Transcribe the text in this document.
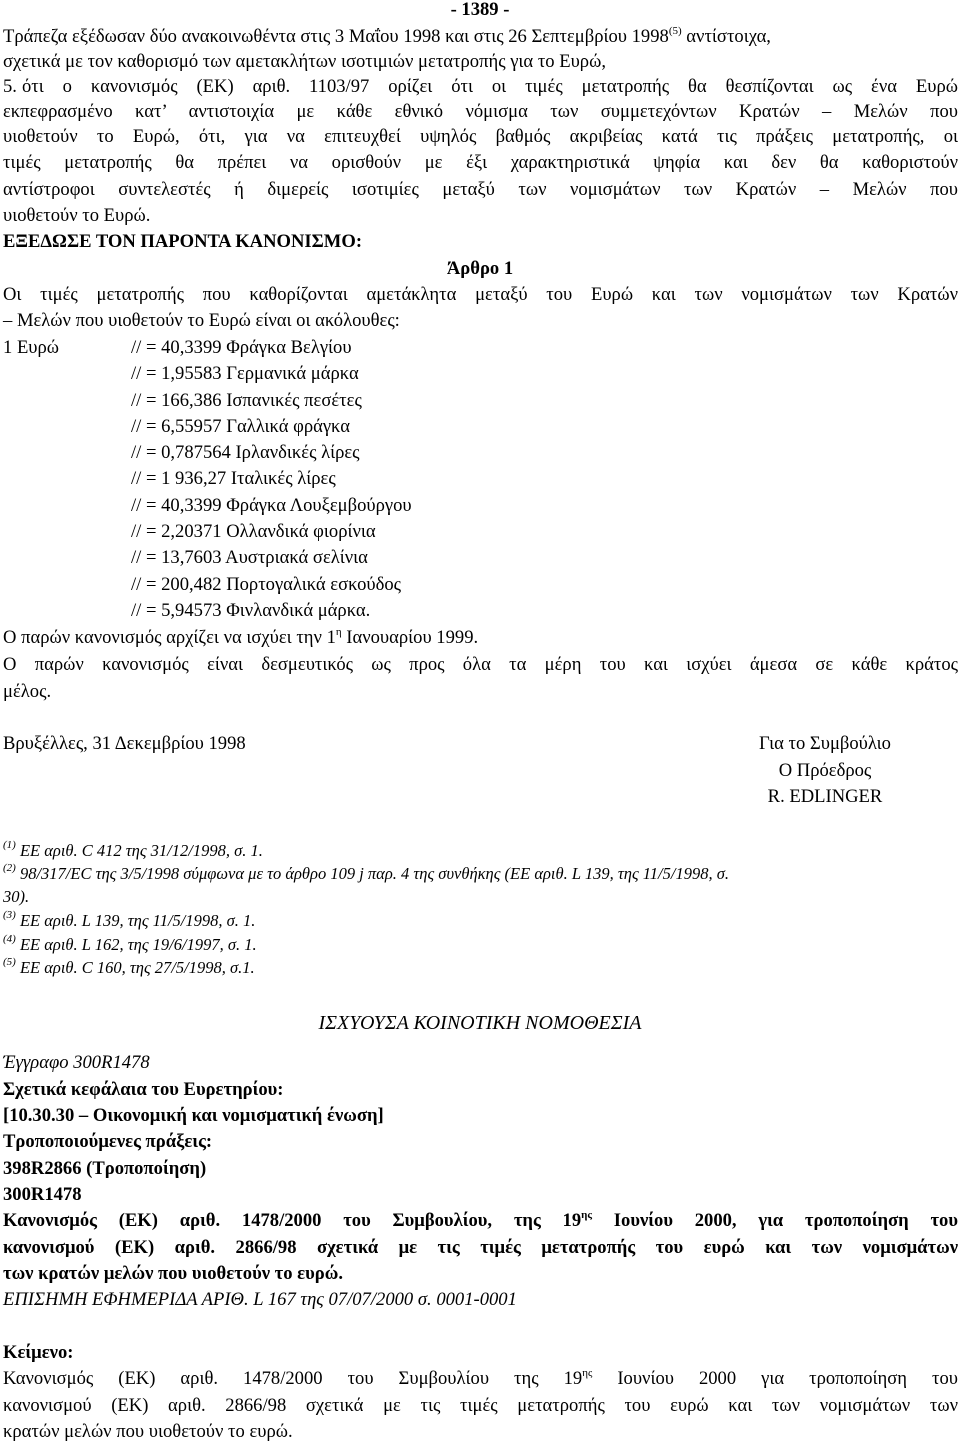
- 1389 -
Τράπεζα εξέδωσαν δύο ανακοινωθέντα στις 3 Μαΐου 1998 και στις 26 Σεπτεμβρίου 1998$^{(5)}$ αντίστοιχα,
σχετικά με τον καθορισμό των αμετακλήτων ισοτιμιών μετατροπής για το Ευρώ,
5. ότι ο κανονισμός (ΕΚ) αριθ. 1103/97 ορίζει ότι οι τιμές μετατροπής θα θεσπίζονται ως ένα Ευρώ
εκπεφρασμένο κατ’ αντιστοιχία με κάθε εθνικό νόμισμα των συμμετεχόντων Κρατών – Μελών που
υιοθετούν το Ευρώ, ότι, για να επιτευχθεί υψηλός βαθμός ακριβείας κατά τις πράξεις μετατροπής, οι
τιμές μετατροπής θα πρέπει να ορισθούν με έξι χαρακτηριστικά ψηφία και δεν θα καθοριστούν
αντίστροφοι συντελεστές ή διμερείς ισοτιμίες μεταξύ των νομισμάτων των Κρατών – Μελών που
υιοθετούν το Ευρώ.
ΕΞΕΔΩΣΕ ΤΟΝ ΠΑΡΟΝΤΑ ΚΑΝΟΝΙΣΜΟ:
Άρθρο 1
Οι τιμές μετατροπής που καθορίζονται αμετάκλητα μεταξύ του Ευρώ και των νομισμάτων των Κρατών
– Μελών που υιοθετούν το Ευρώ είναι οι ακόλουθες:
1 Ευρώ	// = 40,3399 Φράγκα Βελγίου
// = 1,95583 Γερμανικά μάρκα
// = 166,386 Ισπανικές πεσέτες
// = 6,55957 Γαλλικά φράγκα
// = 0,787564 Ιρλανδικές λίρες
// = 1 936,27 Ιταλικές λίρες
// = 40,3399 Φράγκα Λουξεμβούργου
// = 2,20371 Ολλανδικά φιορίνια
// = 13,7603 Αυστριακά σελίνια
// = 200,482 Πορτογαλικά εσκούδος
// = 5,94573 Φινλανδικά μάρκα.
Ο παρών κανονισμός αρχίζει να ισχύει την $1^\eta$ Ιανουαρίου 1999.
Ο παρών κανονισμός είναι δεσμευτικός ως προς όλα τα μέρη του και ισχύει άμεσα σε κάθε κράτος
μέλος.
Βρυξέλλες, 31 Δεκεμβρίου 1998	Για το Συμβούλιο
Ο Πρόεδρος
R. EDLINGER
$^{(1)}$ ΕΕ αριθ. C 412 της 31/12/1998, σ. 1.
$^{(2)}$ 98/317/ΕC της 3/5/1998 σύμφωνα με το άρθρο 109 j παρ. 4 της συνθήκης (ΕΕ αριθ. L 139, της 11/5/1998, σ.
30).
$^{(3)}$ ΕΕ αριθ. L 139, της 11/5/1998, σ. 1.
$^{(4)}$ ΕΕ αριθ. L 162, της 19/6/1997, σ. 1.
$^{(5)}$ ΕΕ αριθ. C 160, της 27/5/1998, σ.1.
ΙΣΧΥΟΥΣΑ ΚΟΙΝΟΤΙΚΗ ΝΟΜΟΘΕΣΙΑ
Έγγραφο 300R1478
Σχετικά κεφάλαια του Ευρετηρίου:
[10.30.30 – Οικονομική και νομισματική ένωση]
Τροποποιούμενες πράξεις:
398R2866 (Τροποποίηση)
300R1478
Κανονισμός (ΕΚ) αριθ. 1478/2000 του Συμβουλίου, της $19^{\eta\varsigma}$ Ιουνίου 2000, για τροποποίηση του
κανονισμού (ΕΚ) αριθ. 2866/98 σχετικά με τις τιμές μετατροπής του ευρώ και των νομισμάτων
των κρατών μελών που υιοθετούν το ευρώ.
ΕΠΙΣΗΜΗ ΕΦΗΜΕΡΙΔΑ ΑΡΙΘ. L 167 της 07/07/2000 σ. 0001-0001
Κείμενο:
Κανονισμός (ΕΚ) αριθ. 1478/2000 του Συμβουλίου της $19^{\eta\varsigma}$ Ιουνίου 2000 για τροποποίηση του
κανονισμού (ΕΚ) αριθ. 2866/98 σχετικά με τις τιμές μετατροπής του ευρώ και των νομισμάτων των
κρατών μελών που υιοθετούν το ευρώ.
